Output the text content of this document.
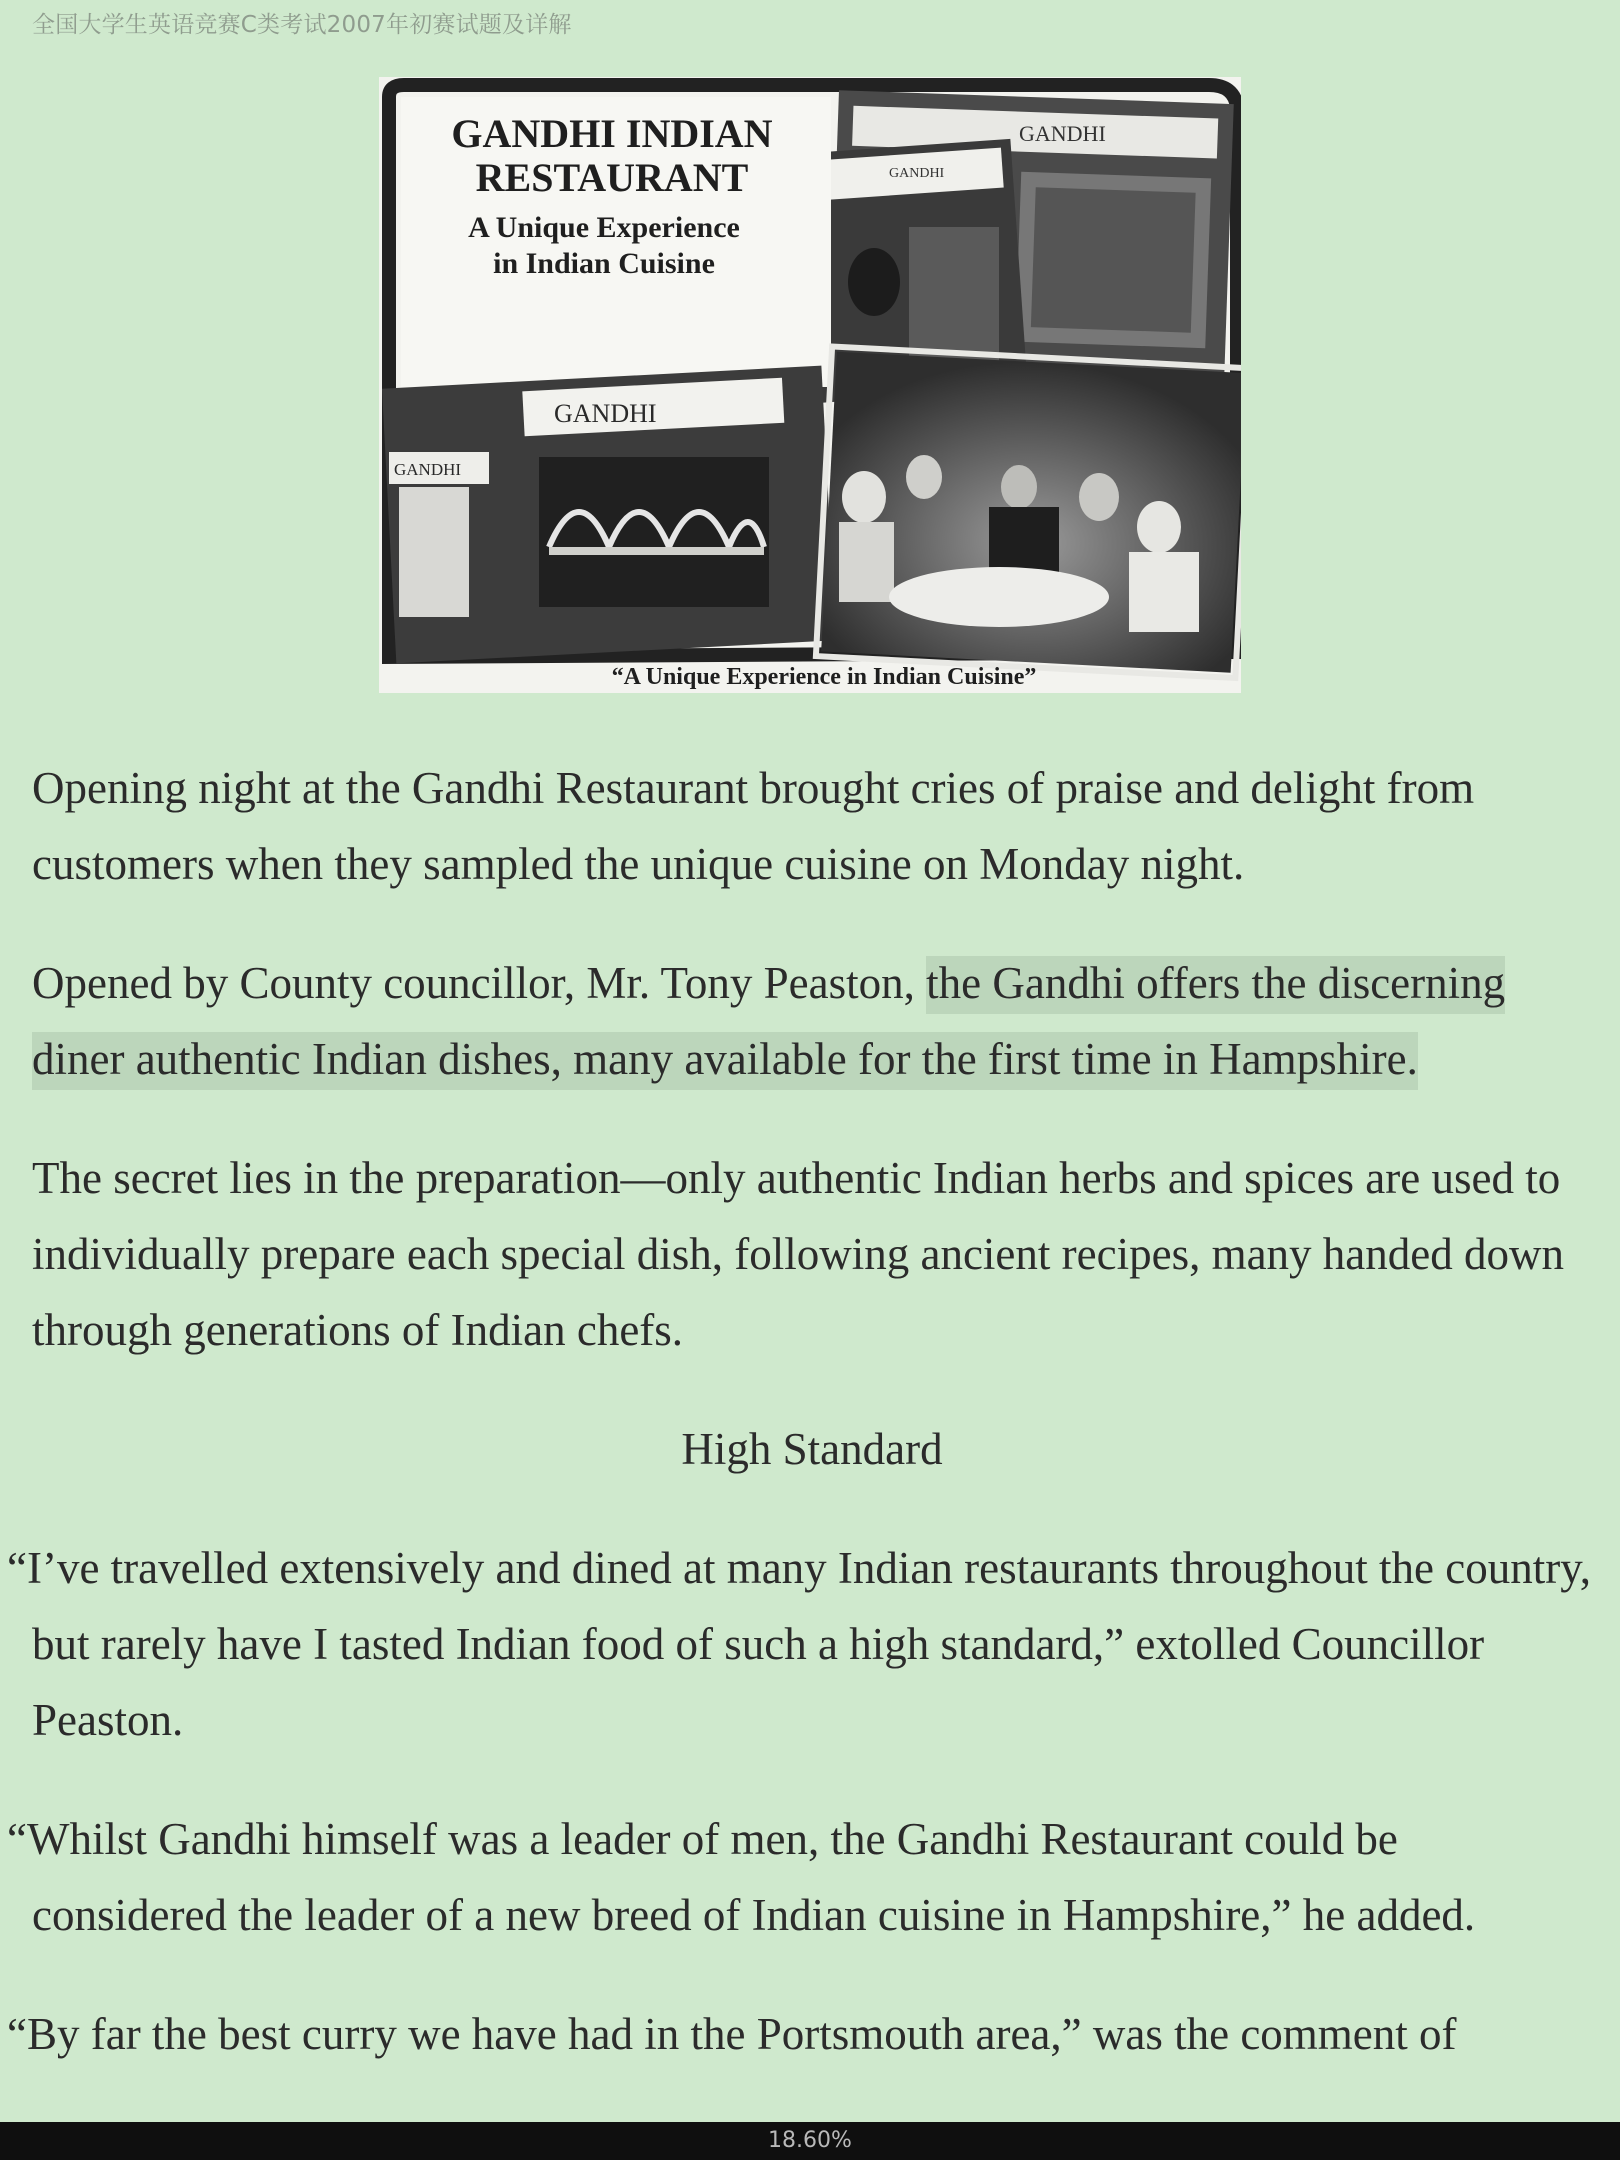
全国大学生英语竞赛C类考试2007年初赛试题及详解
GANDHI
GANDHI
GANDHI INDIAN
RESTAURANT
A Unique Experience
in Indian Cuisine
GANDHI
GANDHI
“A Unique Experience in Indian Cuisine”

Opening night at the Gandhi Restaurant brought cries of praise and delight from customers when they sampled the unique cuisine on Monday night.

Opened by County councillor, Mr. Tony Peaston, the Gandhi offers the discerning diner authentic Indian dishes, many available for the first time in Hampshire.

The secret lies in the preparation—only authentic Indian herbs and spices are used to individually prepare each special dish, following ancient recipes, many handed down through generations of Indian chefs.

High Standard

“I’ve travelled extensively and dined at many Indian restaurants throughout the country, but rarely have I tasted Indian food of such a high standard,” extolled Councillor Peaston.

“Whilst Gandhi himself was a leader of men, the Gandhi Restaurant could be considered the leader of a new breed of Indian cuisine in Hampshire,” he added.

“By far the best curry we have had in the Portsmouth area,” was the comment of

18.60%
